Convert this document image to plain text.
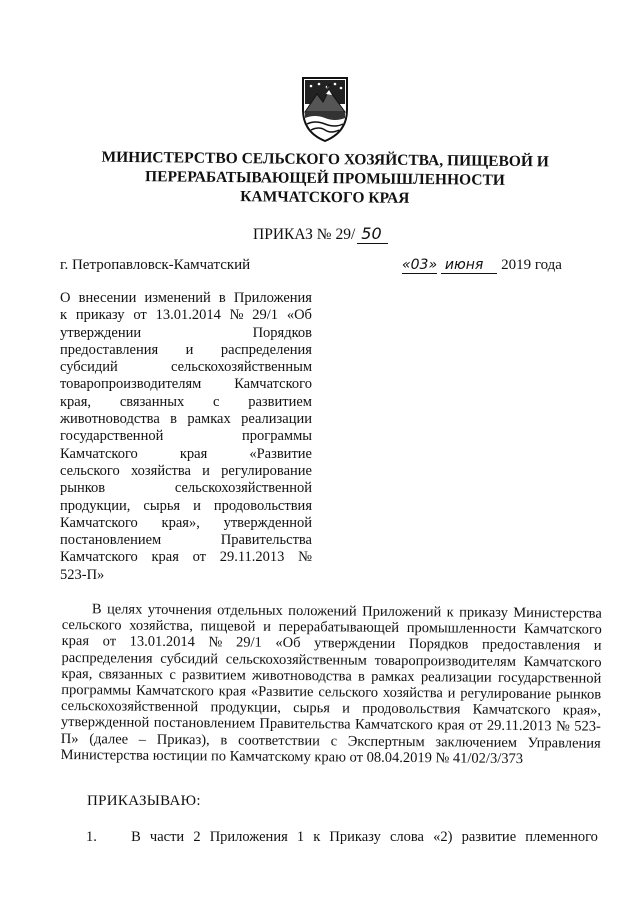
МИНИСТЕРСТВО СЕЛЬСКОГО ХОЗЯЙСТВА, ПИЩЕВОЙ И
ПЕРЕРАБАТЫВАЮЩЕЙ ПРОМЫШЛЕННОСТИ
КАМЧАТСКОГО КРАЯ
ПРИКАЗ № 29/ 50
г. Петропавловск-Камчатский	«03» июня 2019 года
О внесении изменений в Приложения
к приказу от 13.01.2014 № 29/1 «Об
утверждении	Порядков
предоставления и распределения
субсидий	сельскохозяйственным
товаропроизводителям Камчатского
края, связанных с развитием
животноводства в рамках реализации
государственной	программы
Камчатского	края	«Развитие
сельского хозяйства и регулирование
рынков	сельскохозяйственной
продукции, сырья и продовольствия
Камчатского края», утвержденной
постановлением	Правительства
Камчатского края от 29.11.2013 №
523-П»
В целях уточнения отдельных положений Приложений к приказу Министерства
сельского хозяйства, пищевой и перерабатывающей промышленности Камчатского
края от 13.01.2014 № 29/1 «Об утверждении Порядков предоставления и
распределения субсидий сельскохозяйственным товаропроизводителям Камчатского
края, связанных с развитием животноводства в рамках реализации государственной
программы Камчатского края «Развитие сельского хозяйства и регулирование рынков
сельскохозяйственной продукции, сырья и продовольствия Камчатского края»,
утвержденной постановлением Правительства Камчатского края от 29.11.2013 № 523-
П» (далее – Приказ), в соответствии с Экспертным заключением Управления
Министерства юстиции по Камчатскому краю от 08.04.2019 № 41/02/3/373
ПРИКАЗЫВАЮ:
1.	В части 2 Приложения 1 к Приказу слова «2) развитие племенного
